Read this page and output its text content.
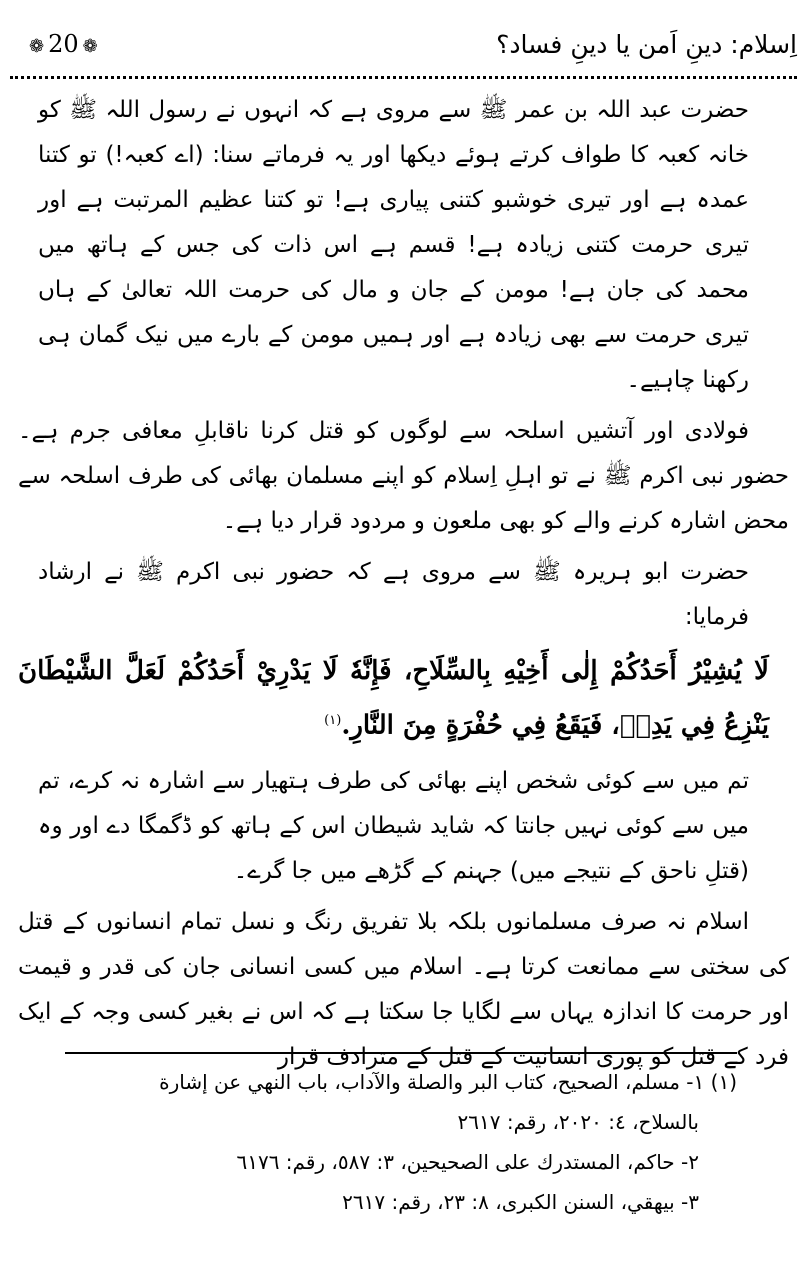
اِسلام: دینِ اَمن یا دینِ فساد؟
❁ 20 ❁

حضرت عبد اللہ بن عمر ﷺ سے مروی ہے کہ انہوں نے رسول اللہ ﷺ کو خانہ کعبہ کا طواف کرتے ہوئے دیکھا اور یہ فرماتے سنا: (اے کعبہ!) تو کتنا عمدہ ہے اور تیری خوشبو کتنی پیاری ہے! تو کتنا عظیم المرتبت ہے اور تیری حرمت کتنی زیادہ ہے! قسم ہے اس ذات کی جس کے ہاتھ میں محمد کی جان ہے! مومن کے جان و مال کی حرمت اللہ تعالیٰ کے ہاں تیری حرمت سے بھی زیادہ ہے اور ہمیں مومن کے بارے میں نیک گمان ہی رکھنا چاہیے۔

فولادی اور آتشیں اسلحہ سے لوگوں کو قتل کرنا ناقابلِ معافی جرم ہے۔ حضور نبی اکرم ﷺ نے تو اہلِ اِسلام کو اپنے مسلمان بھائی کی طرف اسلحہ سے محض اشارہ کرنے والے کو بھی ملعون و مردود قرار دیا ہے۔

حضرت ابو ہریرہ ﷺ سے مروی ہے کہ حضور نبی اکرم ﷺ نے ارشاد فرمایا:

لَا يُشِيْرُ أَحَدُكُمْ إِلٰى أَخِيْهِ بِالسِّلَاحِ، فَإِنَّهٗ لَا يَدْرِيْ أَحَدُكُمْ لَعَلَّ الشَّيْطَانَ يَنْزِعُ فِي يَدِهٖ، فَيَقَعُ فِي حُفْرَةٍ مِنَ النَّارِ.$^{(١)}$

تم میں سے کوئی شخص اپنے بھائی کی طرف ہتھیار سے اشارہ نہ کرے، تم میں سے کوئی نہیں جانتا کہ شاید شیطان اس کے ہاتھ کو ڈگمگا دے اور وہ (قتلِ ناحق کے نتیجے میں) جہنم کے گڑھے میں جا گرے۔

اسلام نہ صرف مسلمانوں بلکہ بلا تفریق رنگ و نسل تمام انسانوں کے قتل کی سختی سے ممانعت کرتا ہے۔ اسلام میں کسی انسانی جان کی قدر و قیمت اور حرمت کا اندازہ یہاں سے لگایا جا سکتا ہے کہ اس نے بغیر کسی وجہ کے ایک فرد کے قتل کو پوری انسانیت کے قتل کے مترادف قرار

(١) ١- مسلم، الصحيح، كتاب البر والصلة والآداب، باب النهي عن إشارة

بالسلاح، ٤: ٢٠٢٠، رقم: ٢٦١٧

٢- حاكم، المستدرك على الصحيحين، ٣: ٥٨٧، رقم: ٦١٧٦

٣- بيهقي، السنن الكبرى، ٨: ٢٣، رقم: ٢٦١٧
